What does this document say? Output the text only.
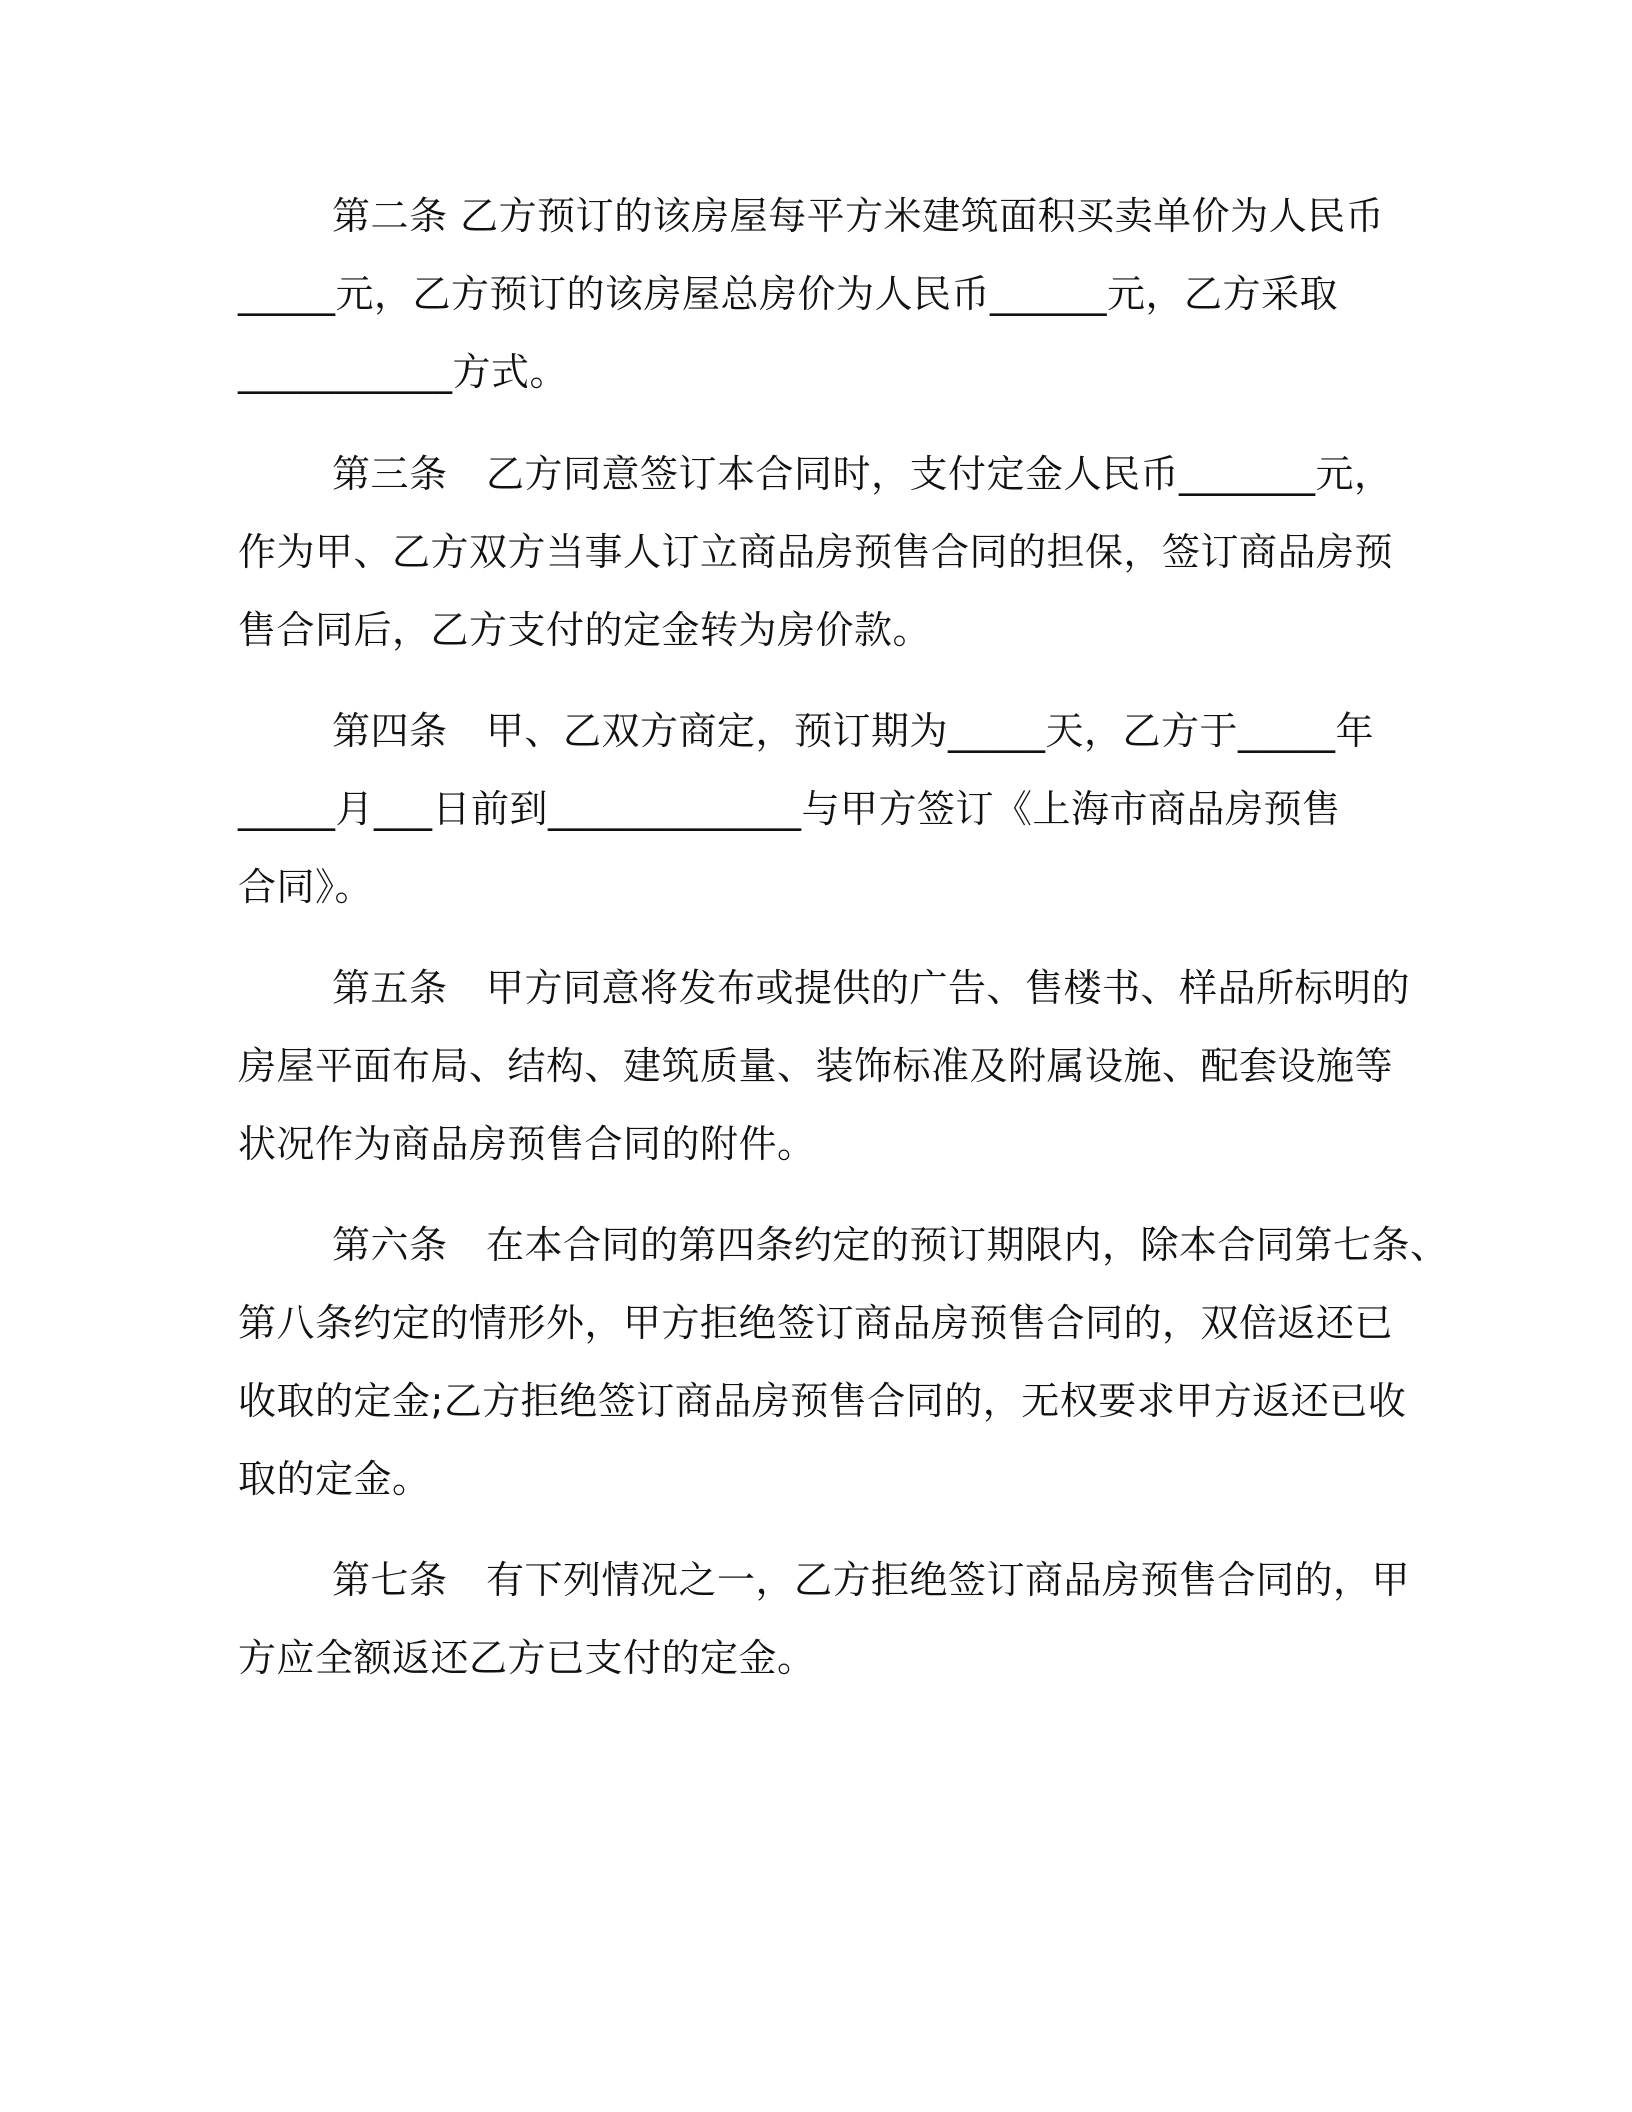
第二条 乙方预订的该房屋每平方米建筑面积买卖单价为人民币
_____元，乙方预订的该房屋总房价为人民币______元，乙方采取
___________方式。
第三条　乙方同意签订本合同时，支付定金人民币_______元，
作为甲、乙方双方当事人订立商品房预售合同的担保，签订商品房预
售合同后，乙方支付的定金转为房价款。
第四条　甲、乙双方商定，预订期为_____天，乙方于_____年
_____月___日前到_____________与甲方签订《上海市商品房预售
合同》。
第五条　甲方同意将发布或提供的广告、售楼书、样品所标明的
房屋平面布局、结构、建筑质量、装饰标准及附属设施、配套设施等
状况作为商品房预售合同的附件。
第六条　在本合同的第四条约定的预订期限内，除本合同第七条、
第八条约定的情形外，甲方拒绝签订商品房预售合同的，双倍返还已
收取的定金;乙方拒绝签订商品房预售合同的，无权要求甲方返还已收
取的定金。
第七条　有下列情况之一，乙方拒绝签订商品房预售合同的，甲
方应全额返还乙方已支付的定金。
